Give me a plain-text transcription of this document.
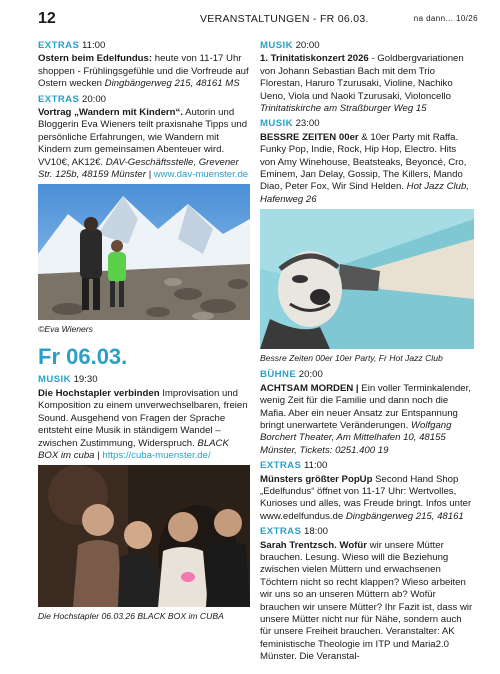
12	VERANSTALTUNGEN - FR 06.03.	na dann... 10/26
EXTRAS 11:00
Ostern beim Edelfundus: heute von 11-17 Uhr shoppen - Frühlingsgefühle und die Vorfreude auf Ostern wecken Dingbängerweg 215, 48161 MS
EXTRAS 20:00
Vortrag „Wandern mit Kindern“. Autorin und Bloggerin Eva Wieners teilt praxisnahe Tipps und persönliche Erfahrungen, wie Wandern mit Kindern zum gemeinsamen Abenteuer wird. VV10€, AK12€. DAV-Geschäftsstelle, Grevener Str. 125b, 48159 Münster | www.dav-muenster.de
©Eva Wieners
Fr 06.03.
MUSIK 19:30
Die Hochstapler verbinden Improvisation und Komposition zu einem unverwechselbaren, freien Sound. Ausgehend von Fragen der Sprache entsteht eine Musik in ständigem Wandel – zwischen Zustimmung, Widerspruch. BLACK BOX im cuba | https://cuba-muenster.de/
Die Hochstapler 06.03.26 BLACK BOX im CUBA
MUSIK 20:00
1. Trinitatiskonzert 2026 - Goldbergvariationen von Johann Sebastian Bach mit dem Trio Florestan, Haruro Tzurusaki, Violine, Nachiko Ueno, Viola und Naoki Tzurusaki, Violoncello Trinitatiskirche am Straßburger Weg 15
MUSIK 23:00
BESSRE ZEITEN 00er & 10er Party mit Raffa. Funky Pop, Indie, Rock, Hip Hop, Electro. Hits von Amy Winehouse, Beatsteaks, Beyoncé, Cro, Eminem, Jan Delay, Gossip, The Killers, Mando Diao, Peter Fox, Wir Sind Helden. Hot Jazz Club, Hafenweg 26
Bessre Zeiten 00er 10er Party, Fr Hot Jazz Club
BÜHNE 20:00
ACHTSAM MORDEN | Ein voller Terminkalender, wenig Zeit für die Familie und dann noch die Mafia. Aber ein neuer Ansatz zur Entspannung bringt unerwartete Veränderungen. Wolfgang Borchert Theater, Am Mittelhafen 10, 48155 Münster, Tickets: 0251.400 19
EXTRAS 11:00
Münsters größter PopUp Second Hand Shop „Edelfundus“ öffnet von 11-17 Uhr: Wertvolles, Kurioses und alles, was Freude bringt. Infos unter www.edelfundus.de Dingbängerweg 215, 48161
EXTRAS 18:00
Sarah Trentzsch. Wofür wir unsere Mütter brauchen. Lesung. Wieso will die Beziehung zwischen vielen Müttern und erwachsenen Töchtern nicht so recht klappen? Wieso arbeiten wir uns so an unseren Müttern ab? Wofür brauchen wir unsere Mütter? Ihr Fazit ist, dass wir unsere Mütter nicht nur für Nähe, sondern auch für unsere Freiheit brauchen. Veranstalter: AK feministische Theologie im ITP und Maria2.0 Münster. Die Veranstal-
